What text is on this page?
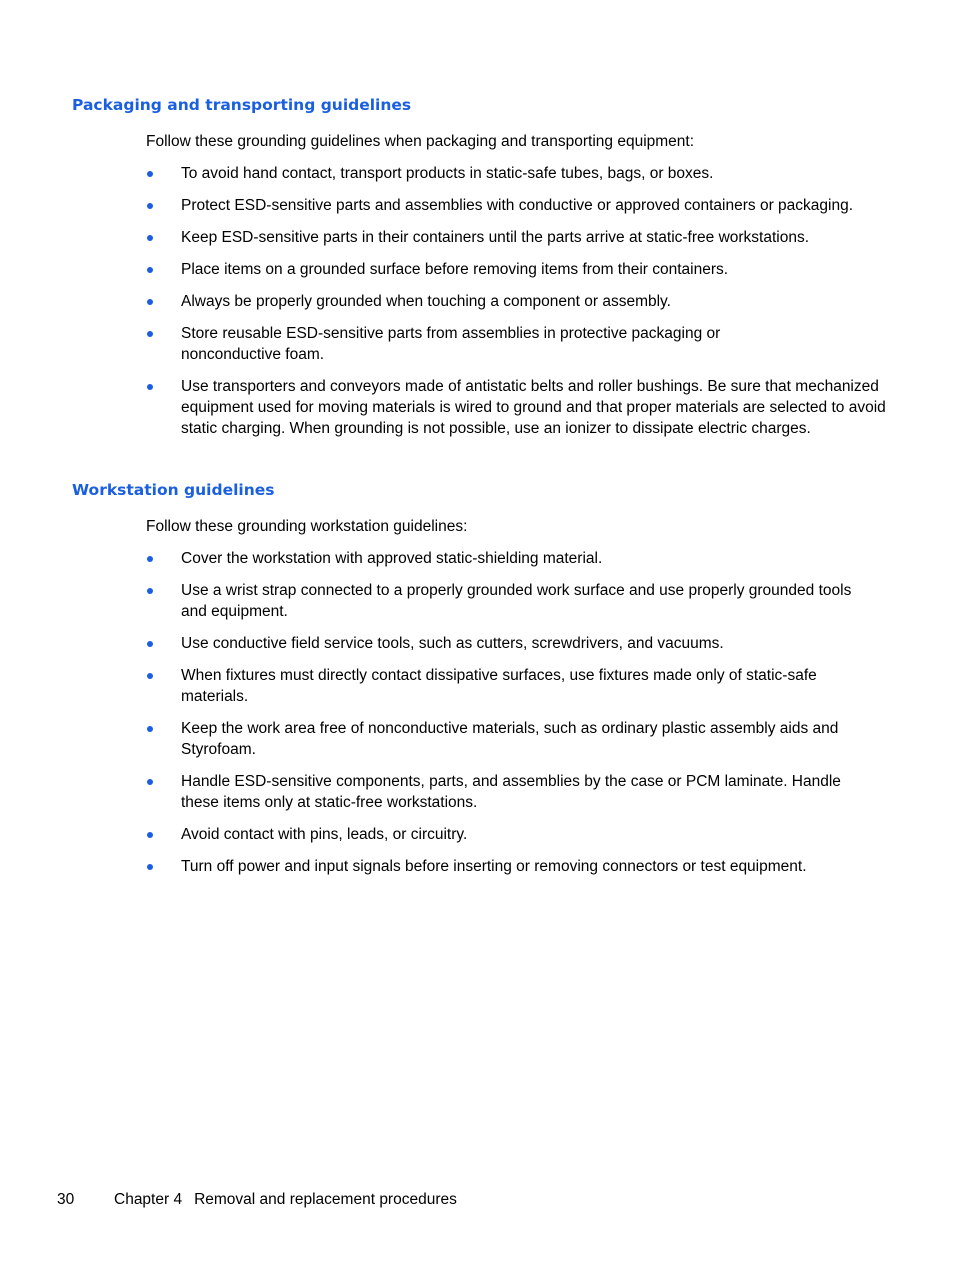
Packaging and transporting guidelines

Follow these grounding guidelines when packaging and transporting equipment:

To avoid hand contact, transport products in static-safe tubes, bags, or boxes.
Protect ESD-sensitive parts and assemblies with conductive or approved containers or packaging.
Keep ESD-sensitive parts in their containers until the parts arrive at static-free workstations.
Place items on a grounded surface before removing items from their containers.
Always be properly grounded when touching a component or assembly.
Store reusable ESD-sensitive parts from assemblies in protective packaging or nonconductive foam.
Use transporters and conveyors made of antistatic belts and roller bushings. Be sure that mechanized equipment used for moving materials is wired to ground and that proper materials are selected to avoid static charging. When grounding is not possible, use an ionizer to dissipate electric charges.
Workstation guidelines

Follow these grounding workstation guidelines:

Cover the workstation with approved static-shielding material.
Use a wrist strap connected to a properly grounded work surface and use properly grounded tools and equipment.
Use conductive field service tools, such as cutters, screwdrivers, and vacuums.
When fixtures must directly contact dissipative surfaces, use fixtures made only of static-safe materials.
Keep the work area free of nonconductive materials, such as ordinary plastic assembly aids and Styrofoam.
Handle ESD-sensitive components, parts, and assemblies by the case or PCM laminate. Handle these items only at static-free workstations.
Avoid contact with pins, leads, or circuitry.
Turn off power and input signals before inserting or removing connectors or test equipment.
30	Chapter 4 Removal and replacement procedures
